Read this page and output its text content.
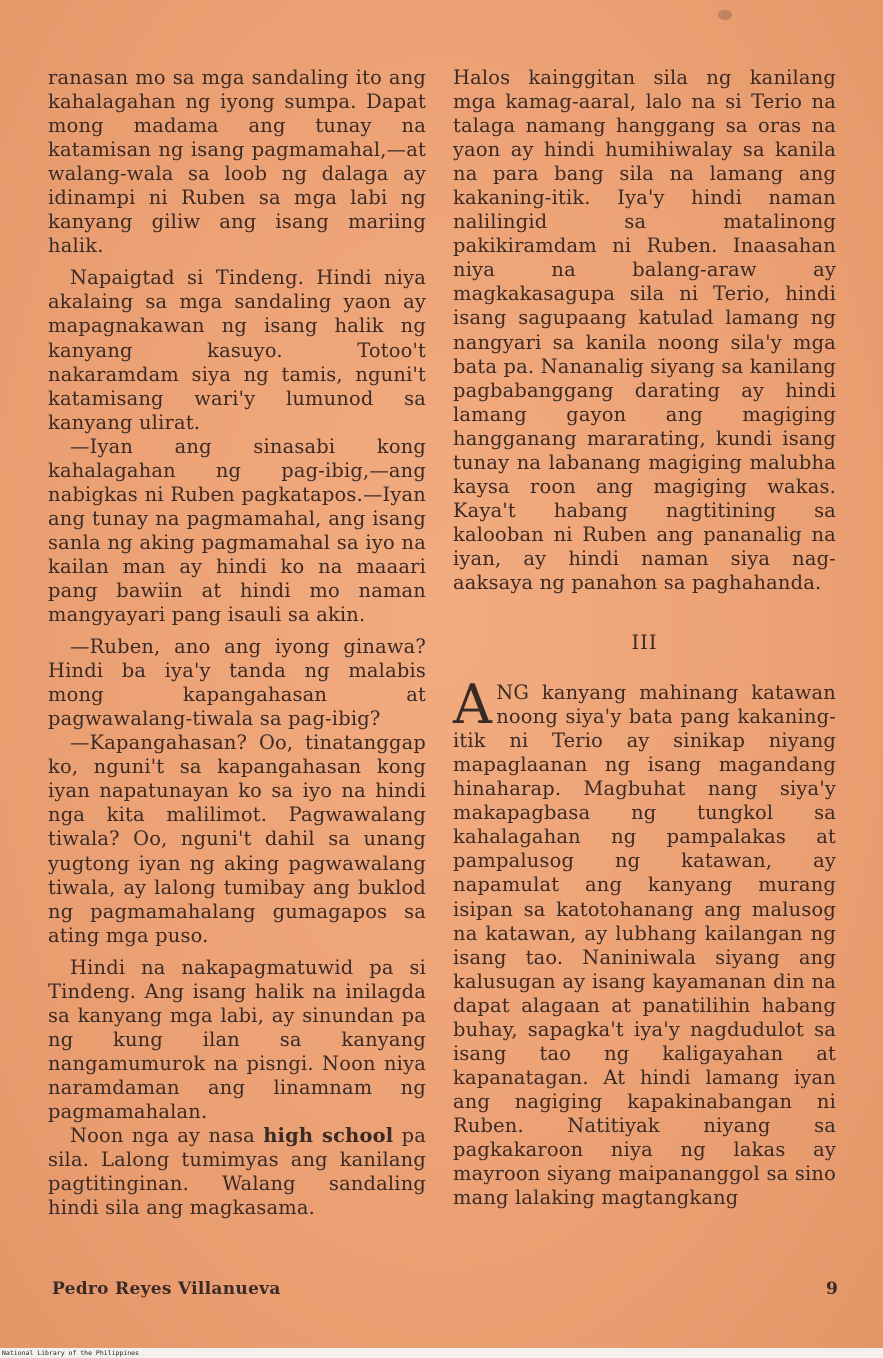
ranasan mo sa mga sandaling ito ang kahalagahan ng iyong sumpa. Dapat mong madama ang tunay na katamisan ng isang pagmamahal,—at walang-wala sa loob ng dalaga ay idinampi ni Ruben sa mga labi ng kanyang giliw ang isang mariing halik.

Napaigtad si Tindeng. Hindi niya akalaing sa mga sandaling yaon ay mapagnakawan ng isang halik ng kanyang kasuyo. Totoo't nakaramdam siya ng tamis, nguni't katamisang wari'y lumunod sa kanyang ulirat.

—Iyan ang sinasabi kong kahalagahan ng pag-ibig,—ang nabigkas ni Ruben pagkatapos.—Iyan ang tunay na pagmamahal, ang isang sanla ng aking pagmamahal sa iyo na kailan man ay hindi ko na maaari pang bawiin at hindi mo naman mangyayari pang isauli sa akin.

—Ruben, ano ang iyong ginawa? Hindi ba iya'y tanda ng malabis mong kapangahasan at pagwawalang-tiwala sa pag-ibig?

—Kapangahasan? Oo, tinatanggap ko, nguni't sa kapangahasan kong iyan napatunayan ko sa iyo na hindi nga kita malilimot. Pagwawalang tiwala? Oo, nguni't dahil sa unang yugtong iyan ng aking pagwawalang tiwala, ay lalong tumibay ang buklod ng pagmamahalang gumagapos sa ating mga puso.

Hindi na nakapagmatuwid pa si Tindeng. Ang isang halik na inilagda sa kanyang mga labi, ay sinundan pa ng kung ilan sa kanyang nangamumurok na pisngi. Noon niya naramdaman ang linamnam ng pagmamahalan.

Noon nga ay nasa high school pa sila. Lalong tumimyas ang kanilang pagtitinginan. Walang sandaling hindi sila ang magkasama.

Halos kainggitan sila ng kanilang mga kamag-aaral, lalo na si Terio na talaga namang hanggang sa oras na yaon ay hindi humihiwalay sa kanila na para bang sila na lamang ang kakaning-itik. Iya'y hindi naman nalilingid sa matalinong pakikiramdam ni Ruben. Inaasahan niya na balang-araw ay magkakasagupa sila ni Terio, hindi isang sagupaang katulad lamang ng nangyari sa kanila noong sila'y mga bata pa. Nananalig siyang sa kanilang pagbabanggang darating ay hindi lamang gayon ang magiging hangganang mararating, kundi isang tunay na labanang magiging malubha kaysa roon ang magiging wakas. Kaya't habang nagtitining sa kalooban ni Ruben ang pananalig na iyan, ay hindi naman siya nag-aaksaya ng panahon sa paghahanda.

III

ANG kanyang mahinang katawan noong siya'y bata pang kakaning-itik ni Terio ay sinikap niyang mapaglaanan ng isang magandang hinaharap. Magbuhat nang siya'y makapagbasa ng tungkol sa kahalagahan ng pampalakas at pampalusog ng katawan, ay napamulat ang kanyang murang isipan sa katotohanang ang malusog na katawan, ay lubhang kailangan ng isang tao. Naniniwala siyang ang kalusugan ay isang kayamanan din na dapat alagaan at panatilihin habang buhay, sapagka't iya'y nagdudulot sa isang tao ng kaligayahan at kapanatagan. At hindi lamang iyan ang nagiging kapakinabangan ni Ruben. Natitiyak niyang sa pagkakaroon niya ng lakas ay mayroon siyang maipananggol sa sino mang lalaking magtangkang

Pedro Reyes Villanueva	9
National Library of the Philippines
